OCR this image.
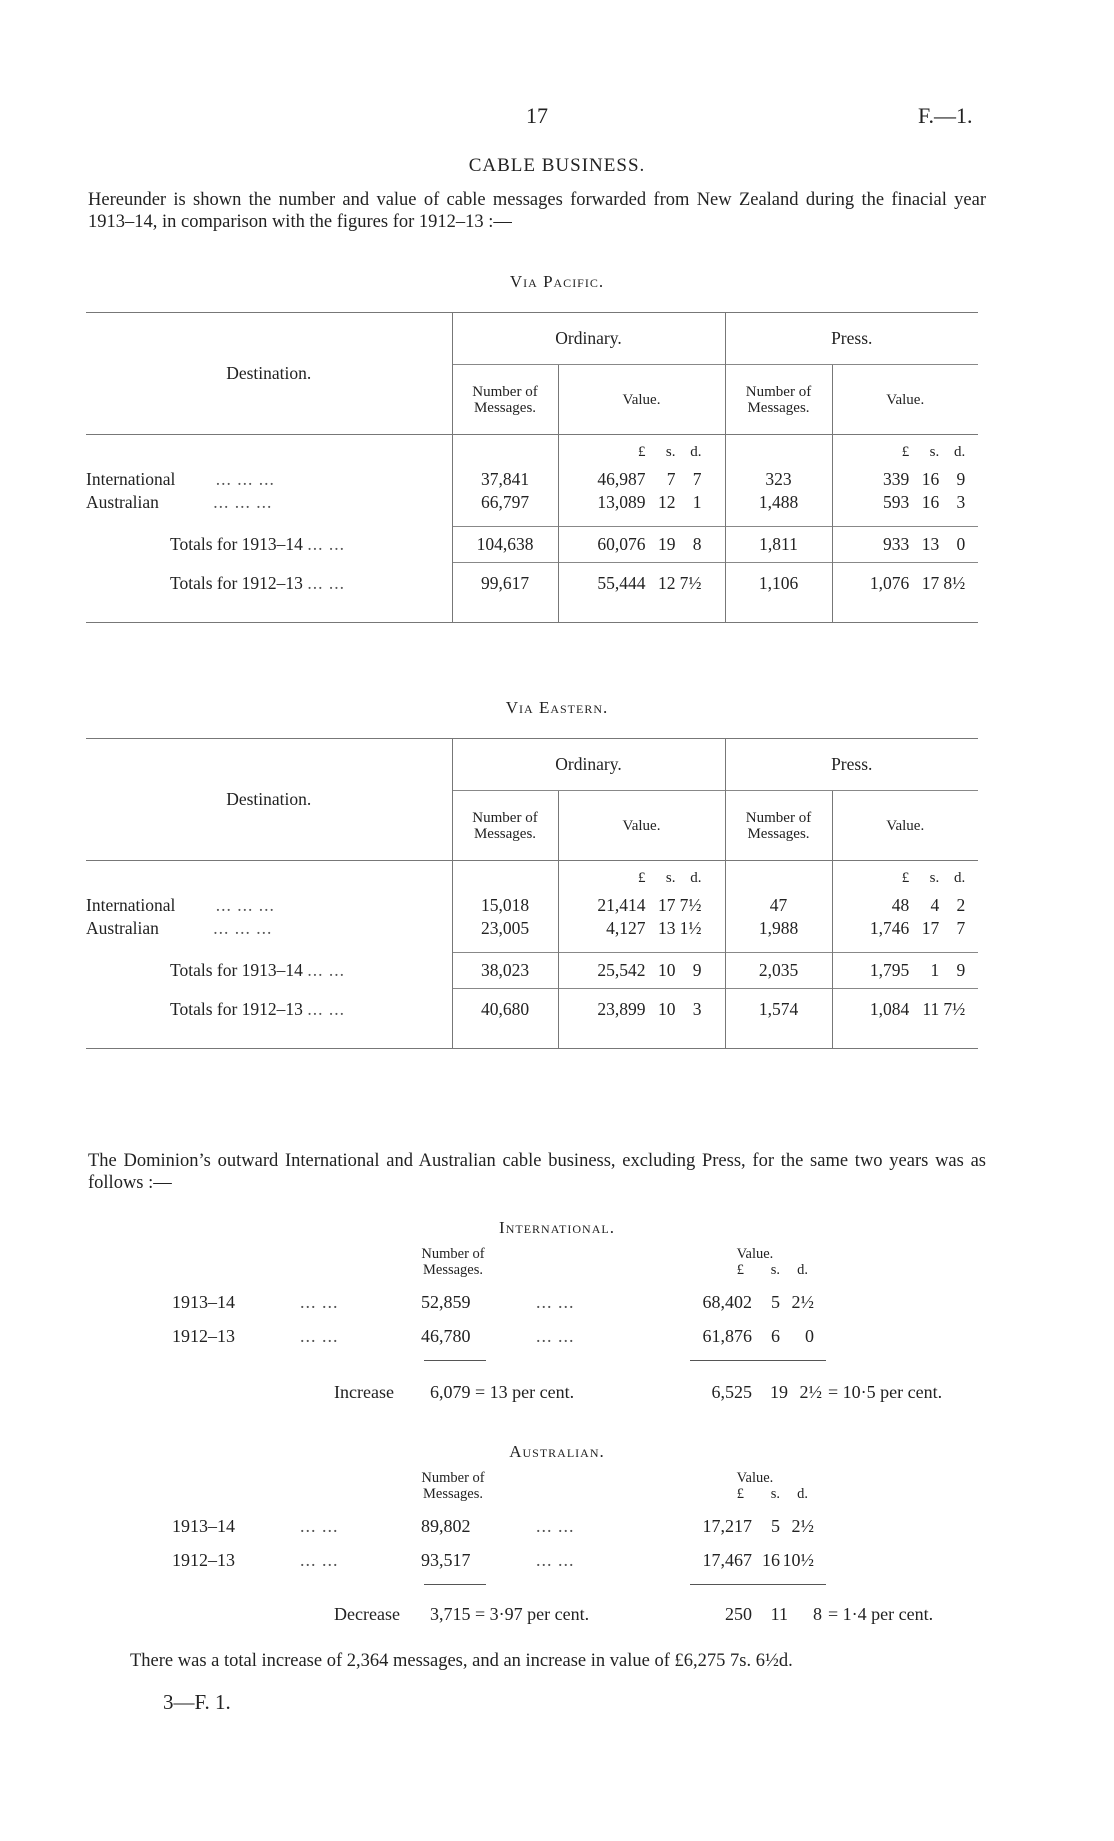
17	F.—1.
CABLE BUSINESS.
Hereunder is shown the number and value of cable messages forwarded from New Zealand during the finacial year 1913–14, in comparison with the figures for 1912–13 :—
Via Pacific.
Destination.	Ordinary.		Press.	
	Number of Messages.	Value.	Number of Messages.	Value.
		£ s. d.		£ s. d.
International ... ... ...	37,841	46,987 7 7	323	339 16 9
Australian ... ... ...	66,797	13,089 12 1	1,488	593 16 3

Totals for 1913–14 ... ...	104,638	60,076 19 8	1,811	933 13 0
Totals for 1912–13 ... ...	99,617	55,444 12 7½	1,106	1,076 17 8½

Via Eastern.
Destination.	Ordinary.		Press.	
	Number of Messages.	Value.	Number of Messages.	Value.
		£ s. d.		£ s. d.
International ... ... ...	15,018	21,414 17 7½	47	48 4 2
Australian ... ... ...	23,005	4,127 13 1½	1,988	1,746 17 7

Totals for 1913–14 ... ...	38,023	25,542 10 9	2,035	1,795 1 9
Totals for 1912–13 ... ...	40,680	23,899 10 3	1,574	1,084 11 7½

The Dominion’s outward International and Australian cable business, excluding Press, for the same two years was as follows :—
International.
Number of Messages.
Value.
£ s. d.
1913–14	... ...	52,859	... ...	68,402 5 2½
1912–13	... ...	46,780	... ...	61,876 6 0
Increase 6,079 = 13 per cent.	6,525 19 2½ = 10·5 per cent.
Australian.
Number of Messages.
Value.
£ s. d.
1913–14	... ...	89,802	... ...	17,217 5 2½
1912–13	... ...	93,517	... ...	17,467 16 10½
Decrease 3,715 = 3·97 per cent.	250 11 8 = 1·4 per cent.
There was a total increase of 2,364 messages, and an increase in value of £6,275 7s. 6½d.
3—F. 1.
